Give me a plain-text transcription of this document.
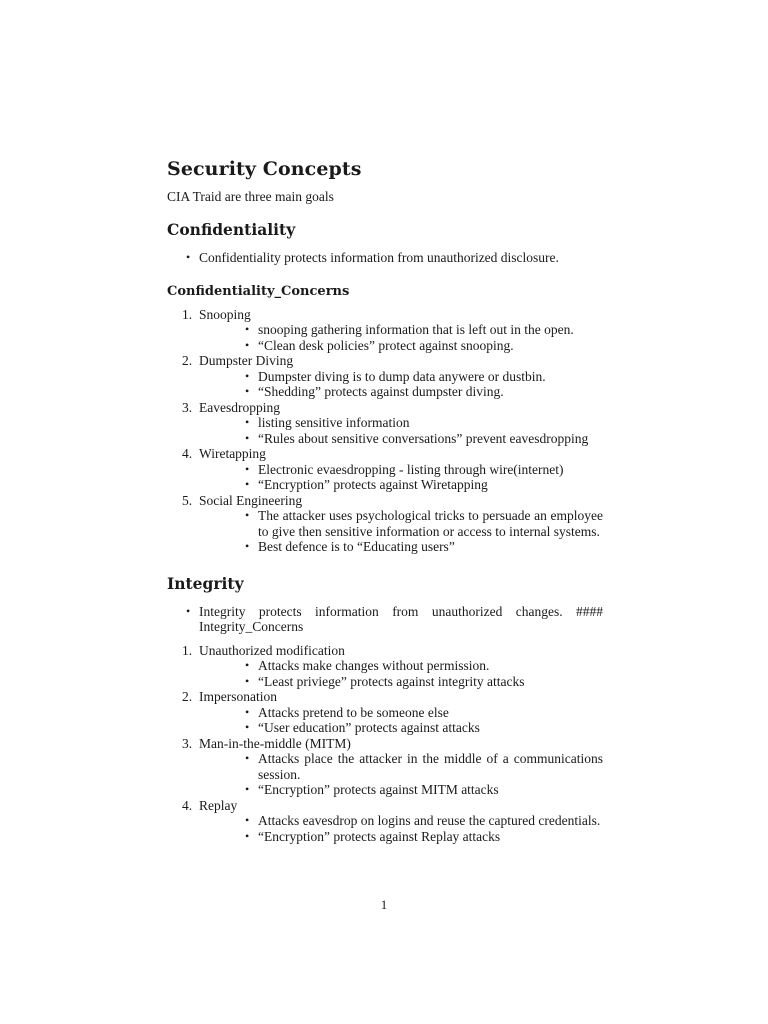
Security Concepts

CIA Traid are three main goals

Confidentiality
• Confidentiality protects information from unauthorized disclosure.
Confidentiality_Concerns
1. Snooping
• snooping gathering information that is left out in the open.
• “Clean desk policies” protect against snooping.
2. Dumpster Diving
• Dumpster diving is to dump data anywere or dustbin.
• “Shedding” protects against dumpster diving.
3. Eavesdropping
• listing sensitive information
• “Rules about sensitive conversations” prevent eavesdropping
4. Wiretapping
• Electronic evaesdropping - listing through wire(internet)
• “Encryption” protects against Wiretapping
5. Social Engineering
• The attacker uses psychological tricks to persuade an employee to give then sensitive information or access to internal systems.
• Best defence is to “Educating users”
Integrity
• Integrity protects information from unauthorized changes. #### Integrity_Concerns
1. Unauthorized modification
• Attacks make changes without permission.
• “Least priviege” protects against integrity attacks
2. Impersonation
• Attacks pretend to be someone else
• “User education” protects against attacks
3. Man-in-the-middle (MITM)
• Attacks place the attacker in the middle of a communications session.
• “Encryption” protects against MITM attacks
4. Replay
• Attacks eavesdrop on logins and reuse the captured credentials.
• “Encryption” protects against Replay attacks
1
